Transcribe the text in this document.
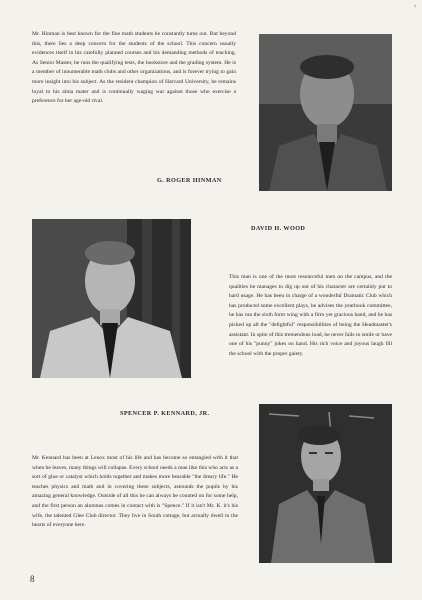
a

Mr. Hinman is best known for the fine math students he constantly turns out. But beyond this, there lies a deep concern for the students of the school. This concern usually evidences itself in his carefully planned courses and his demanding methods of teaching. As Senior Master, he runs the qualifying tests, the bookstore and the grading system. He is a member of innumerable math clubs and other organizations, and is forever trying to gain more insight into his subject. As the resident champion of Harvard University, he remains loyal to his alma mater and is continually waging war against those who exercise a preference for her age-old rival.

G. ROGER HINMAN
DAVID H. WOOD

This man is one of the most resourceful men on the campus, and the qualities he manages to dig up out of his character are certainly put to hard usage. He has been in charge of a wonderful Dramatic Club which has produced some excellent plays, he advises the yearbook committee, he has run the sixth form wing with a firm yet gracious hand, and he has picked up all the "delightful" responsibilities of being the Headmaster's assistant. In spite of this tremendous load, he never fails to smile or have one of his "punny" jokes on hand. His rich voice and joyous laugh fill the school with the proper gaiety.

SPENCER P. KENNARD, JR.

Mr. Kennard has been at Lenox most of his life and has become so entangled with it that when he leaves, many things will collapse. Every school needs a man like this who acts as a sort of glue or catalyst which holds together and makes more bearable "the dreary life." He teaches physics and math and in covering these subjects, astounds the pupils by his amazing general knowledge. Outside of all this he can always be counted on for some help, and the first person an alumnus comes in contact with is "Spence." If it isn't Mr. K. it's his wife, the talented Glee Club director. They live in South cottage, but actually dwell in the hearts of everyone here.

8
